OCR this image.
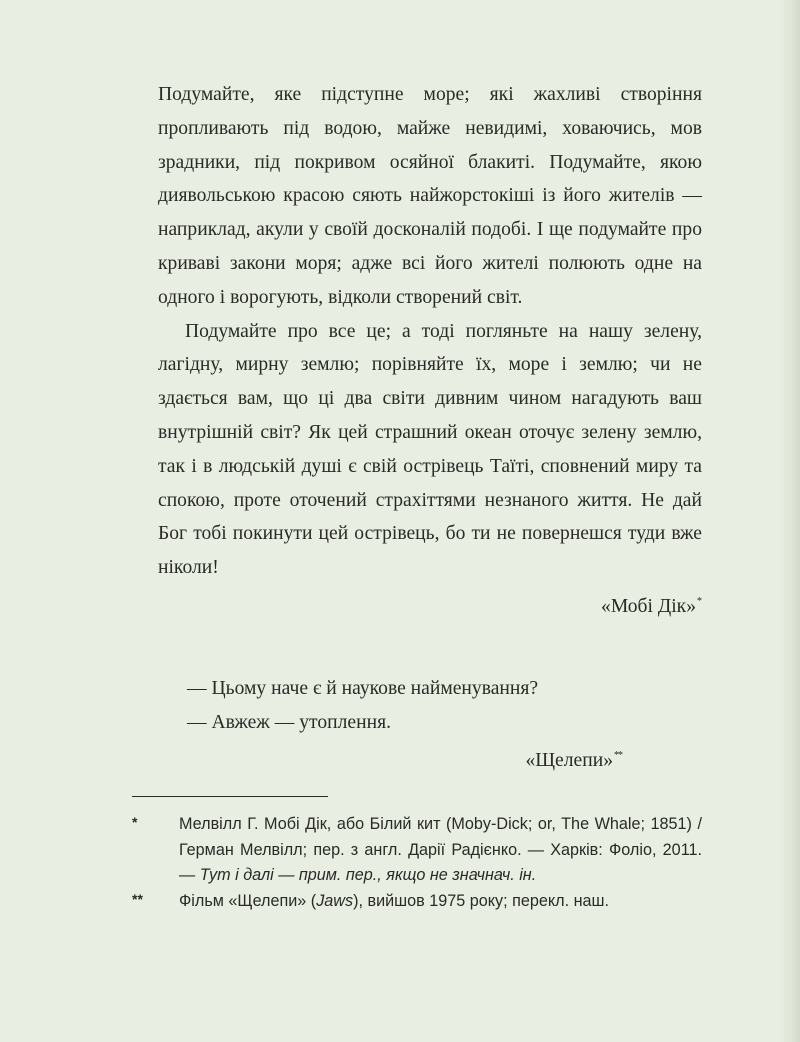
Подумайте, яке підступне море; які жахливі створіння пропливають під водою, майже невидимі, ховаючись, мов зрадники, під покривом осяйної блакиті. Подумайте, якою диявольською красою сяють найжорстокіші із його жителів — наприклад, акули у своїй досконалій подобі. І ще подумайте про криваві закони моря; адже всі його жителі полюють одне на одного і ворогують, відколи створений світ.

Подумайте про все це; а тоді погляньте на нашу зелену, лагідну, мирну землю; порівняйте їх, море і землю; чи не здається вам, що ці два світи дивним чином нагадують ваш внутрішній світ? Як цей страшний океан оточує зелену землю, так і в людській душі є свій острівець Таїті, сповнений миру та спокою, проте оточений страхіттями незнаного життя. Не дай Бог тобі покинути цей острівець, бо ти не повернешся туди вже ніколи!

«Мобі Дік»*

— Цьому наче є й наукове найменування?

— Авжеж — утоплення.

«Щелепи»**

*	Мелвілл Г. Мобі Дік, або Білий кит (Moby-Dick; or, The Whale; 1851) / Герман Мелвілл; пер. з англ. Дарії Радієнко. — Харків: Фоліо, 2011. — Тут і далі — прим. пер., якщо не значнач. ін.

** Фільм «Щелепи» (Jaws), вийшов 1975 року; перекл. наш.
